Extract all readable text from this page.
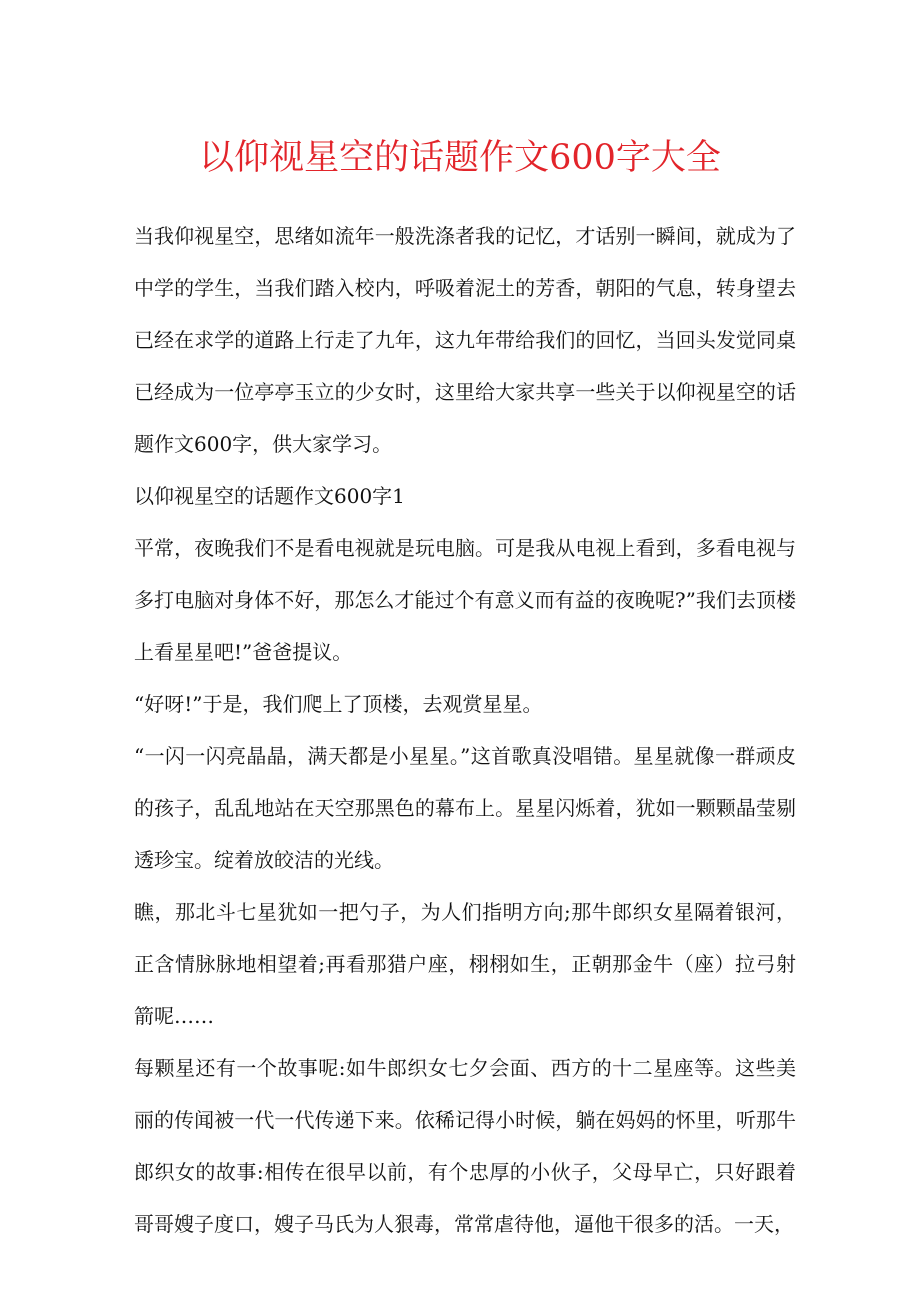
以仰视星空的话题作文600字大全

当我仰视星空，思绪如流年一般洗涤者我的记忆，才话别一瞬间，就成为了中学的学生，当我们踏入校内，呼吸着泥土的芳香，朝阳的气息，转身望去已经在求学的道路上行走了九年，这九年带给我们的回忆，当回头发觉同桌已经成为一位亭亭玉立的少女时，这里给大家共享一些关于以仰视星空的话题作文600字，供大家学习。

以仰视星空的话题作文600字1

平常，夜晚我们不是看电视就是玩电脑。可是我从电视上看到，多看电视与多打电脑对身体不好，那怎么才能过个有意义而有益的夜晚呢?”我们去顶楼上看星星吧!”爸爸提议。

“好呀!”于是，我们爬上了顶楼，去观赏星星。

“一闪一闪亮晶晶，满天都是小星星。”这首歌真没唱错。星星就像一群顽皮的孩子，乱乱地站在天空那黑色的幕布上。星星闪烁着，犹如一颗颗晶莹剔透珍宝。绽着放皎洁的光线。

瞧，那北斗七星犹如一把勺子，为人们指明方向;那牛郎织女星隔着银河，正含情脉脉地相望着;再看那猎户座，栩栩如生，正朝那金牛（座）拉弓射箭呢……

每颗星还有一个故事呢:如牛郎织女七夕会面、西方的十二星座等。这些美丽的传闻被一代一代传递下来。依稀记得小时候，躺在妈妈的怀里，听那牛郎织女的故事:相传在很早以前，有个忠厚的小伙子，父母早亡，只好跟着哥哥嫂子度口，嫂子马氏为人狠毒，常常虐待他，逼他干很多的活。一天，
